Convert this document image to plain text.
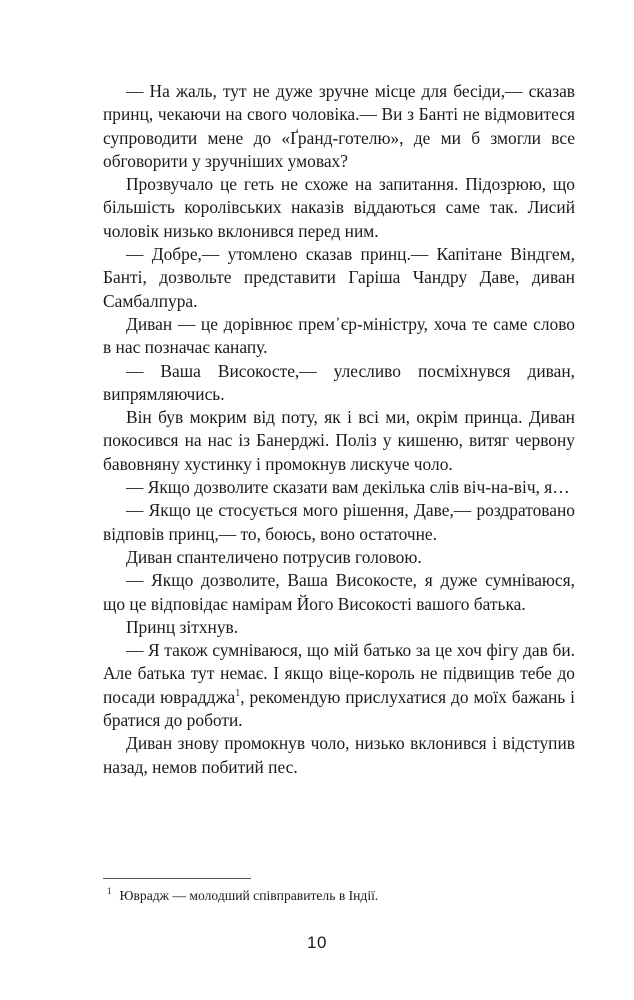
— На жаль, тут не дуже зручне місце для бесіди,— сказав принц, чекаючи на свого чоловіка.— Ви з Банті не відмовитеся супроводити мене до «Ґранд-готелю», де ми б змогли все обговорити у зручніших умовах?

Прозвучало це геть не схоже на запитання. Підозрюю, що більшість королівських наказів віддаються саме так. Лисий чоловік низько вклонився перед ним.

— Добре,— утомлено сказав принц.— Капітане Віндгем, Банті, дозвольте представити Гаріша Чандру Даве, диван Самбалпура.

Диван — це дорівнює прем᾽єр-міністру, хоча те саме слово в нас позначає канапу.

— Ваша Високосте,— улесливо посміхнувся диван, випрямляючись.

Він був мокрим від поту, як і всі ми, окрім принца. Диван покосився на нас із Банерджі. Поліз у кишеню, витяг червону бавовняну хустинку і промокнув лискуче чоло.

— Якщо дозволите сказати вам декілька слів віч-на-віч, я…

— Якщо це стосується мого рішення, Даве,— роздратовано відповів принц,— то, боюсь, воно остаточне.

Диван спантеличено потрусив головою.

— Якщо дозволите, Ваша Високосте, я дуже сумніваюся, що це відповідає намірам Його Високості вашого батька.

Принц зітхнув.

— Я також сумніваюся, що мій батько за це хоч фігу дав би. Але батька тут немає. І якщо віце-король не підвищив тебе до посади юврадджа$^1$, рекомендую прислухатися до моїх бажань і братися до роботи.

Диван знову промокнув чоло, низько вклонився і відступив назад, немов побитий пес.

$^1$ Юврадж — молодший співправитель в Індії.
10
